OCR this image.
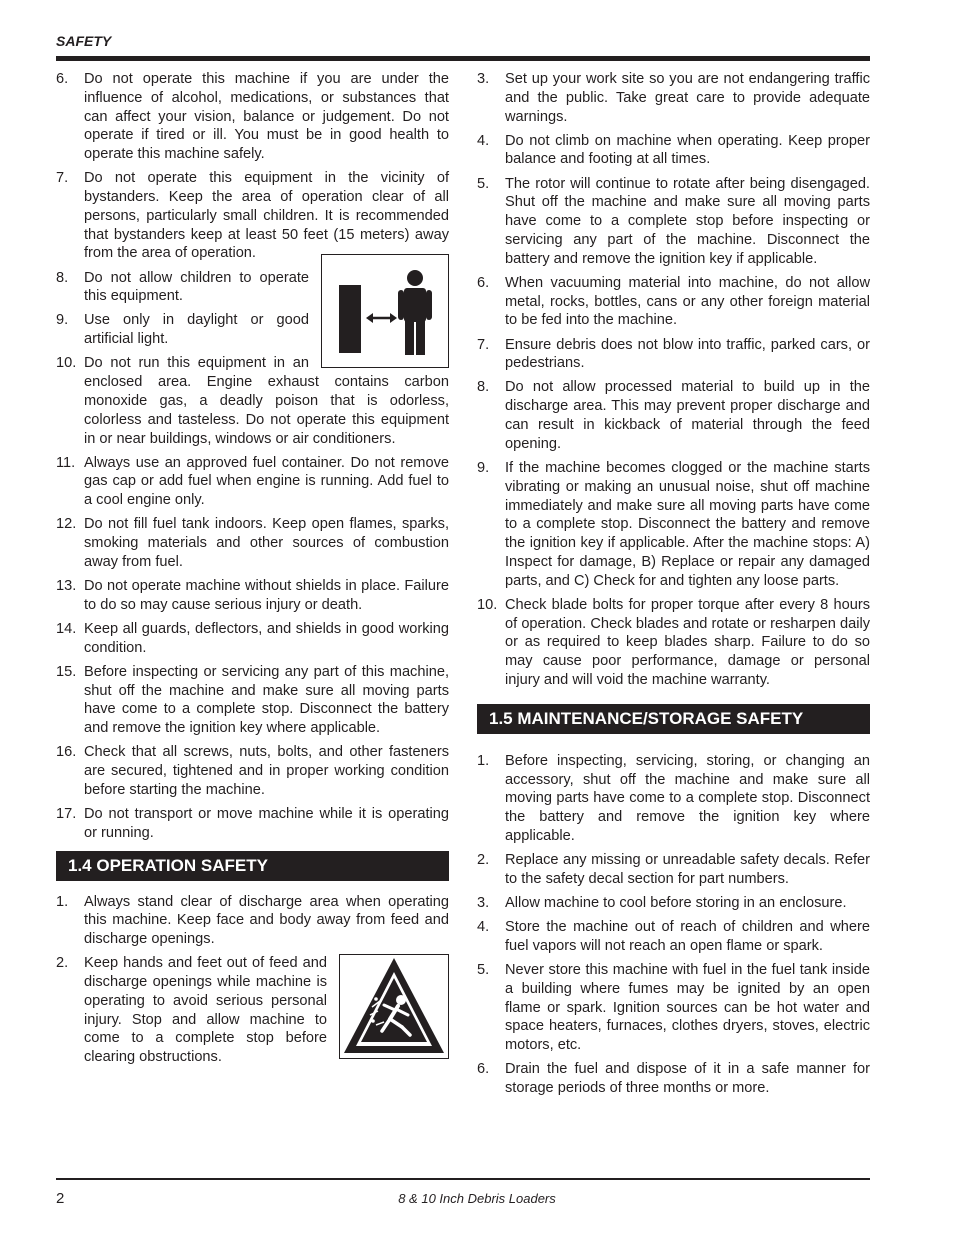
SAFETY
6. Do not operate this machine if you are under the influence of alcohol, medications, or substances that can affect your vision, balance or judgement. Do not operate if tired or ill. You must be in good health to operate this machine safely.
7. Do not operate this equipment in the vicinity of bystanders. Keep the area of operation clear of all persons, particularly small children. It is recommended that bystanders keep at least 50 feet (15 meters) away from the area of operation.
8. Do not allow children to operate this equipment.
9. Use only in daylight or good artificial light.
10. Do not run this equipment in an enclosed area. Engine exhaust contains carbon monoxide gas, a deadly poison that is odorless, colorless and tasteless. Do not operate this equipment in or near buildings, windows or air conditioners.
11. Always use an approved fuel container. Do not remove gas cap or add fuel when engine is running. Add fuel to a cool engine only.
12. Do not fill fuel tank indoors. Keep open flames, sparks, smoking materials and other sources of combustion away from fuel.
13. Do not operate machine without shields in place. Failure to do so may cause serious injury or death.
14. Keep all guards, deflectors, and shields in good working condition.
15. Before inspecting or servicing any part of this machine, shut off the machine and make sure all moving parts have come to a complete stop. Disconnect the battery and remove the ignition key where applicable.
16. Check that all screws, nuts, bolts, and other fasteners are secured, tightened and in proper working condition before starting the machine.
17. Do not transport or move machine while it is operating or running.
1.4 OPERATION SAFETY
1. Always stand clear of discharge area when operating this machine. Keep face and body away from feed and discharge openings.
2. Keep hands and feet out of feed and discharge openings while machine is operating to avoid serious personal injury. Stop and allow machine to come to a complete stop before clearing obstructions.
3. Set up your work site so you are not endangering traffic and the public. Take great care to provide adequate warnings.
4. Do not climb on machine when operating. Keep proper balance and footing at all times.
5. The rotor will continue to rotate after being disengaged. Shut off the machine and make sure all moving parts have come to a complete stop before inspecting or servicing any part of the machine. Disconnect the battery and remove the ignition key if applicable.
6. When vacuuming material into machine, do not allow metal, rocks, bottles, cans or any other foreign material to be fed into the machine.
7. Ensure debris does not blow into traffic, parked cars, or pedestrians.
8. Do not allow processed material to build up in the discharge area. This may prevent proper discharge and can result in kickback of material through the feed opening.
9. If the machine becomes clogged or the machine starts vibrating or making an unusual noise, shut off machine immediately and make sure all moving parts have come to a complete stop. Disconnect the battery and remove the ignition key if applicable. After the machine stops: A) Inspect for damage, B) Replace or repair any damaged parts, and C) Check for and tighten any loose parts.
10. Check blade bolts for proper torque after every 8 hours of operation. Check blades and rotate or resharpen daily or as required to keep blades sharp. Failure to do so may cause poor performance, damage or personal injury and will void the machine warranty.
1.5 MAINTENANCE/STORAGE SAFETY
1. Before inspecting, servicing, storing, or changing an accessory, shut off the machine and make sure all moving parts have come to a complete stop. Disconnect the battery and remove the ignition key where applicable.
2. Replace any missing or unreadable safety decals. Refer to the safety decal section for part numbers.
3. Allow machine to cool before storing in an enclosure.
4. Store the machine out of reach of children and where fuel vapors will not reach an open flame or spark.
5. Never store this machine with fuel in the fuel tank inside a building where fumes may be ignited by an open flame or spark. Ignition sources can be hot water and space heaters, furnaces, clothes dryers, stoves, electric motors, etc.
6. Drain the fuel and dispose of it in a safe manner for storage periods of three months or more.
2	8 & 10 Inch Debris Loaders
